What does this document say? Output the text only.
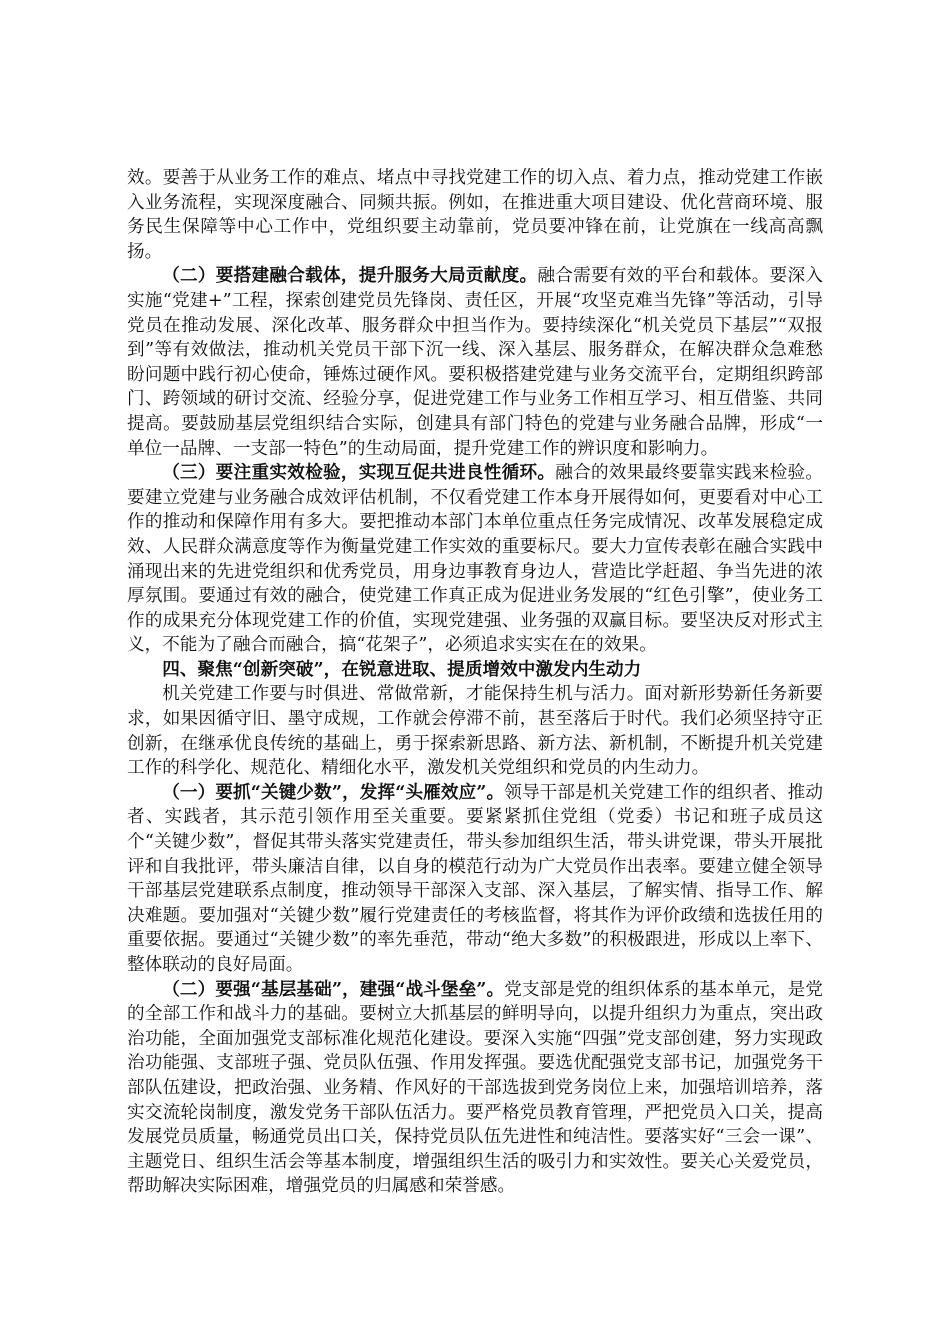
效。要善于从业务工作的难点、堵点中寻找党建工作的切入点、着力点，推动党建工作嵌入业务流程，实现深度融合、同频共振。例如，在推进重大项目建设、优化营商环境、服务民生保障等中心工作中，党组织要主动靠前，党员要冲锋在前，让党旗在一线高高飘扬。

（二）要搭建融合载体，提升服务大局贡献度。融合需要有效的平台和载体。要深入实施“党建+”工程，探索创建党员先锋岗、责任区，开展“攻坚克难当先锋”等活动，引导党员在推动发展、深化改革、服务群众中担当作为。要持续深化“机关党员下基层”“双报到”等有效做法，推动机关党员干部下沉一线、深入基层、服务群众，在解决群众急难愁盼问题中践行初心使命，锤炼过硬作风。要积极搭建党建与业务交流平台，定期组织跨部门、跨领域的研讨交流、经验分享，促进党建工作与业务工作相互学习、相互借鉴、共同提高。要鼓励基层党组织结合实际，创建具有部门特色的党建与业务融合品牌，形成“一单位一品牌、一支部一特色”的生动局面，提升党建工作的辨识度和影响力。

（三）要注重实效检验，实现互促共进良性循环。融合的效果最终要靠实践来检验。要建立党建与业务融合成效评估机制，不仅看党建工作本身开展得如何，更要看对中心工作的推动和保障作用有多大。要把推动本部门本单位重点任务完成情况、改革发展稳定成效、人民群众满意度等作为衡量党建工作实效的重要标尺。要大力宣传表彰在融合实践中涌现出来的先进党组织和优秀党员，用身边事教育身边人，营造比学赶超、争当先进的浓厚氛围。要通过有效的融合，使党建工作真正成为促进业务发展的“红色引擎”，使业务工作的成果充分体现党建工作的价值，实现党建强、业务强的双赢目标。要坚决反对形式主义，不能为了融合而融合，搞“花架子”，必须追求实实在在的效果。

四、聚焦“创新突破”，在锐意进取、提质增效中激发内生动力

机关党建工作要与时俱进、常做常新，才能保持生机与活力。面对新形势新任务新要求，如果因循守旧、墨守成规，工作就会停滞不前，甚至落后于时代。我们必须坚持守正创新，在继承优良传统的基础上，勇于探索新思路、新方法、新机制，不断提升机关党建工作的科学化、规范化、精细化水平，激发机关党组织和党员的内生动力。

（一）要抓“关键少数”，发挥“头雁效应”。领导干部是机关党建工作的组织者、推动者、实践者，其示范引领作用至关重要。要紧紧抓住党组（党委）书记和班子成员这个“关键少数”，督促其带头落实党建责任，带头参加组织生活，带头讲党课，带头开展批评和自我批评，带头廉洁自律，以自身的模范行动为广大党员作出表率。要建立健全领导干部基层党建联系点制度，推动领导干部深入支部、深入基层，了解实情、指导工作、解决难题。要加强对“关键少数”履行党建责任的考核监督，将其作为评价政绩和选拔任用的重要依据。要通过“关键少数”的率先垂范，带动“绝大多数”的积极跟进，形成以上率下、整体联动的良好局面。

（二）要强“基层基础”，建强“战斗堡垒”。党支部是党的组织体系的基本单元，是党的全部工作和战斗力的基础。要树立大抓基层的鲜明导向，以提升组织力为重点，突出政治功能，全面加强党支部标准化规范化建设。要深入实施“四强”党支部创建，努力实现政治功能强、支部班子强、党员队伍强、作用发挥强。要选优配强党支部书记，加强党务干部队伍建设，把政治强、业务精、作风好的干部选拔到党务岗位上来，加强培训培养，落实交流轮岗制度，激发党务干部队伍活力。要严格党员教育管理，严把党员入口关，提高发展党员质量，畅通党员出口关，保持党员队伍先进性和纯洁性。要落实好“三会一课”、主题党日、组织生活会等基本制度，增强组织生活的吸引力和实效性。要关心关爱党员，帮助解决实际困难，增强党员的归属感和荣誉感。
